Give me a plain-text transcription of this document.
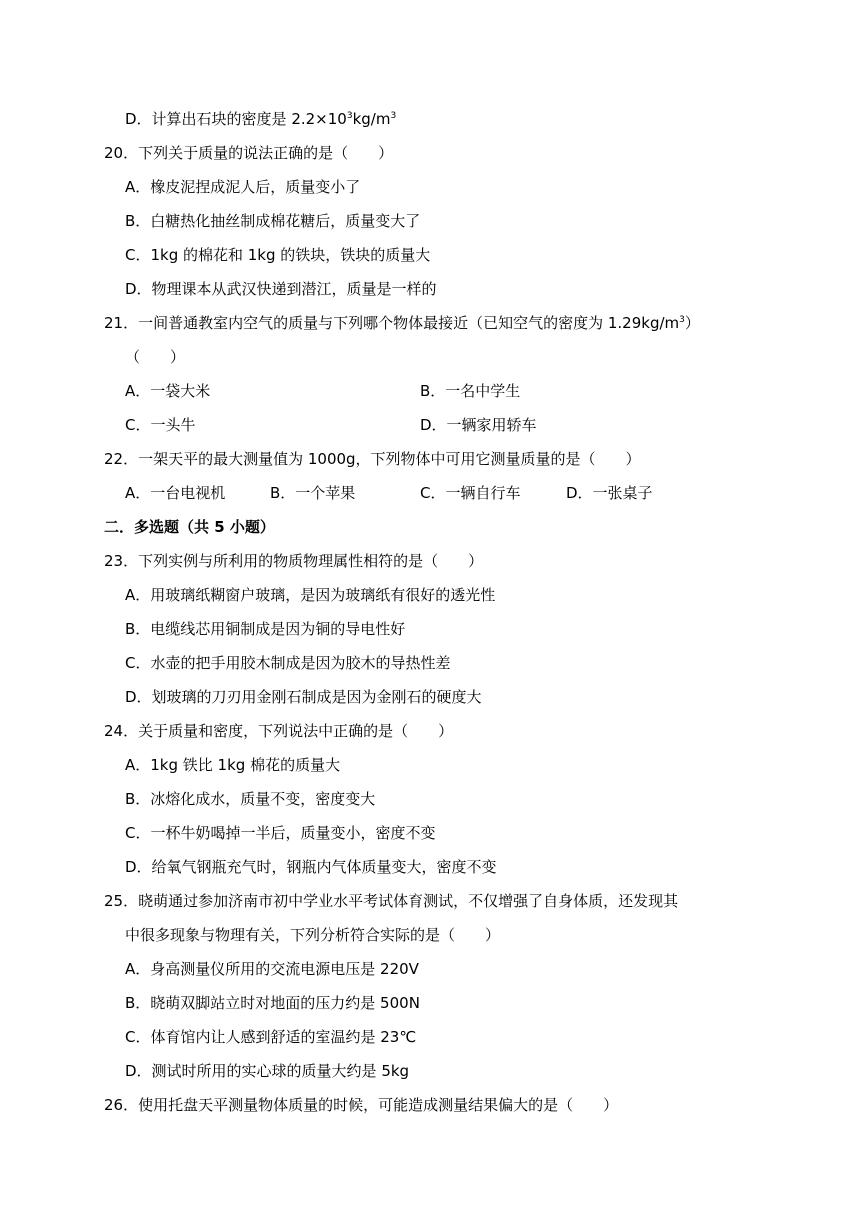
D．计算出石块的密度是 $2.2\times 10^3kg/m^3$
20．下列关于质量的说法正确的是（　　）
A．橡皮泥捏成泥人后，质量变小了
B．白糖热化抽丝制成棉花糖后，质量变大了
C．1kg 的棉花和 1kg 的铁块，铁块的质量大
D．物理课本从武汉快递到潜江，质量是一样的
21．一间普通教室内空气的质量与下列哪个物体最接近（已知空气的密度为 $1.29kg/m^3$）
（　　）
A．一袋大米	B．一名中学生
C．一头牛	D．一辆家用轿车
22．一架天平的最大测量值为 1000g，下列物体中可用它测量质量的是（　　）
A．一台电视机	B．一个苹果	C．一辆自行车	D．一张桌子
二．多选题（共 5 小题）
23．下列实例与所利用的物质物理属性相符的是（　　）
A．用玻璃纸糊窗户玻璃，是因为玻璃纸有很好的透光性
B．电缆线芯用铜制成是因为铜的导电性好
C．水壶的把手用胶木制成是因为胶木的导热性差
D．划玻璃的刀刃用金刚石制成是因为金刚石的硬度大
24．关于质量和密度，下列说法中正确的是（　　）
A．1kg 铁比 1kg 棉花的质量大
B．冰熔化成水，质量不变，密度变大
C．一杯牛奶喝掉一半后，质量变小，密度不变
D．给氧气钢瓶充气时，钢瓶内气体质量变大，密度不变
25．晓萌通过参加济南市初中学业水平考试体育测试，不仅增强了自身体质，还发现其
中很多现象与物理有关，下列分析符合实际的是（　　）
A．身高测量仪所用的交流电源电压是 220V
B．晓萌双脚站立时对地面的压力约是 500N
C．体育馆内让人感到舒适的室温约是 23℃
D．测试时所用的实心球的质量大约是 5kg
26．使用托盘天平测量物体质量的时候，可能造成测量结果偏大的是（　　）
